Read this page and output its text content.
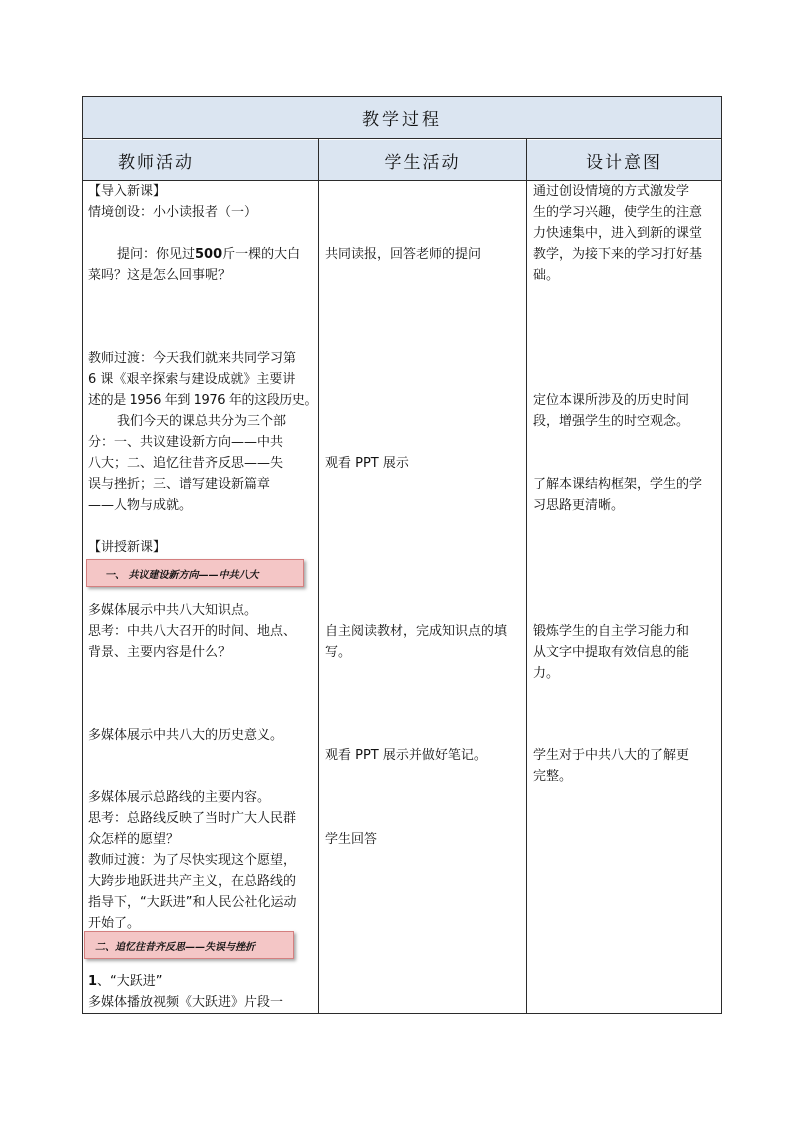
教学过程
教师活动	学生活动	设计意图
【导入新课】
情境创设：小小读报者（一）
提问：你见过500斤一棵的大白
菜吗？这是怎么回事呢？
教师过渡：今天我们就来共同学习第
6 课《艰辛探索与建设成就》主要讲
述的是 1956 年到 1976 年的这段历史。
我们今天的课总共分为三个部
分：一、共议建设新方向——中共
八大；二、追忆往昔齐反思——失
误与挫折；三、谱写建设新篇章
——人物与成就。
【讲授新课】
一、 共议建设新方向——中共八大
多媒体展示中共八大知识点。
思考：中共八大召开的时间、地点、
背景、主要内容是什么？
多媒体展示中共八大的历史意义。
多媒体展示总路线的主要内容。
思考：总路线反映了当时广大人民群
众怎样的愿望？
教师过渡：为了尽快实现这个愿望，
大跨步地跃进共产主义，在总路线的
指导下，“大跃进”和人民公社化运动
开始了。
二、追忆往昔齐反思——失误与挫折
1、“大跃进”
多媒体播放视频《大跃进》片段一
共同读报，回答老师的提问
观看 PPT 展示
自主阅读教材，完成知识点的填
写。
观看 PPT 展示并做好笔记。
学生回答
通过创设情境的方式激发学
生的学习兴趣，使学生的注意
力快速集中，进入到新的课堂
教学，为接下来的学习打好基
础。
定位本课所涉及的历史时间
段，增强学生的时空观念。
了解本课结构框架，学生的学
习思路更清晰。
锻炼学生的自主学习能力和
从文字中提取有效信息的能
力。
学生对于中共八大的了解更
完整。
